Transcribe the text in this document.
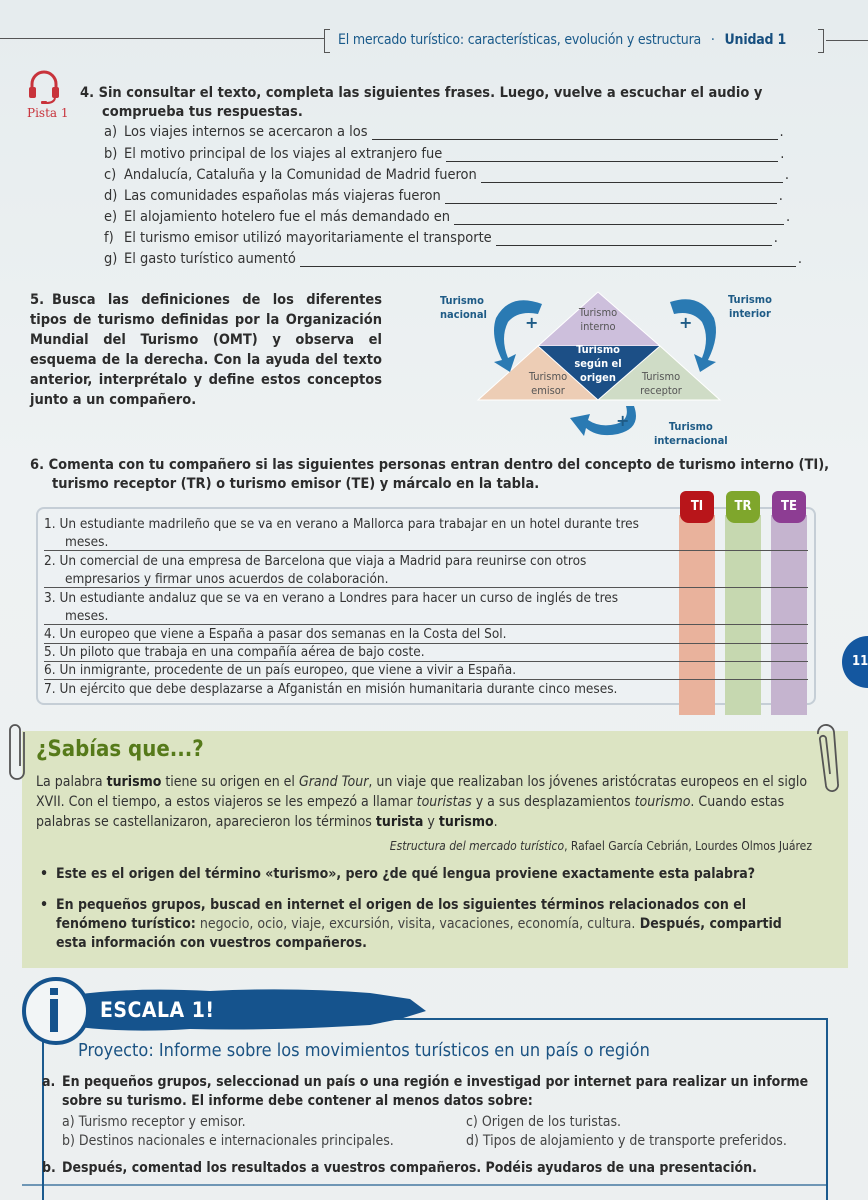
El mercado turístico: características, evolución y estructura · Unidad 1
Pista 1
4. Sin consultar el texto, completa las siguientes frases. Luego, vuelve a escuchar el audio y
comprueba tus respuestas.
a) Los viajes internos se acercaron a los	.
b) El motivo principal de los viajes al extranjero fue	.
c) Andalucía, Cataluña y la Comunidad de Madrid fueron	.
d) Las comunidades españolas más viajeras fueron	.
e) El alojamiento hotelero fue el más demandado en	.
f) El turismo emisor utilizó mayoritariamente el transporte	.
g) El gasto turístico aumentó	.
5. Busca las definiciones de los diferentes tipos de turismo definidas por la Organización Mundial del Turismo (OMT) y observa el esquema de la derecha. Con la ayuda del texto anterior, interprétalo y define estos conceptos junto a un compañero.
+	+
+
Turismo
nacional
Turismo
interior
Turismo
internacional
Turismo
interno
Turismo
según el
origen
Turismo
emisor
Turismo
receptor
6. Comenta con tu compañero si las siguientes personas entran dentro del concepto de turismo interno (TI),
turismo receptor (TR) o turismo emisor (TE) y márcalo en la tabla.
TI	TR	TE
1. Un estudiante madrileño que se va en verano a Mallorca para trabajar en un hotel durante tres meses.
2. Un comercial de una empresa de Barcelona que viaja a Madrid para reunirse con otros empresarios y firmar unos acuerdos de colaboración.
3. Un estudiante andaluz que se va en verano a Londres para hacer un curso de inglés de tres meses.
4. Un europeo que viene a España a pasar dos semanas en la Costa del Sol.
5. Un piloto que trabaja en una compañía aérea de bajo coste.
6. Un inmigrante, procedente de un país europeo, que viene a vivir a España.
7. Un ejército que debe desplazarse a Afganistán en misión humanitaria durante cinco meses.
11
¿Sabías que...?
La palabra turismo tiene su origen en el Grand Tour, un viaje que realizaban los jóvenes aristócratas europeos en el siglo XVII. Con el tiempo, a estos viajeros se les empezó a llamar touristas y a sus desplazamientos tourismo. Cuando estas palabras se castellanizaron, aparecieron los términos turista y turismo.
Estructura del mercado turístico, Rafael García Cebrián, Lourdes Olmos Juárez
• Este es el origen del término «turismo», pero ¿de qué lengua proviene exactamente esta palabra?
• En pequeños grupos, buscad en internet el origen de los siguientes términos relacionados con el fenómeno turístico: negocio, ocio, viaje, excursión, visita, vacaciones, economía, cultura. Después, compartid esta información con vuestros compañeros.
ESCALA 1!
Proyecto: Informe sobre los movimientos turísticos en un país o región
a. En pequeños grupos, seleccionad un país o una región e investigad por internet para realizar un informe sobre su turismo. El informe debe contener al menos datos sobre:
a) Turismo receptor y emisor.
b) Destinos nacionales e internacionales principales.
c) Origen de los turistas.
d) Tipos de alojamiento y de transporte preferidos.
b. Después, comentad los resultados a vuestros compañeros. Podéis ayudaros de una presentación.
